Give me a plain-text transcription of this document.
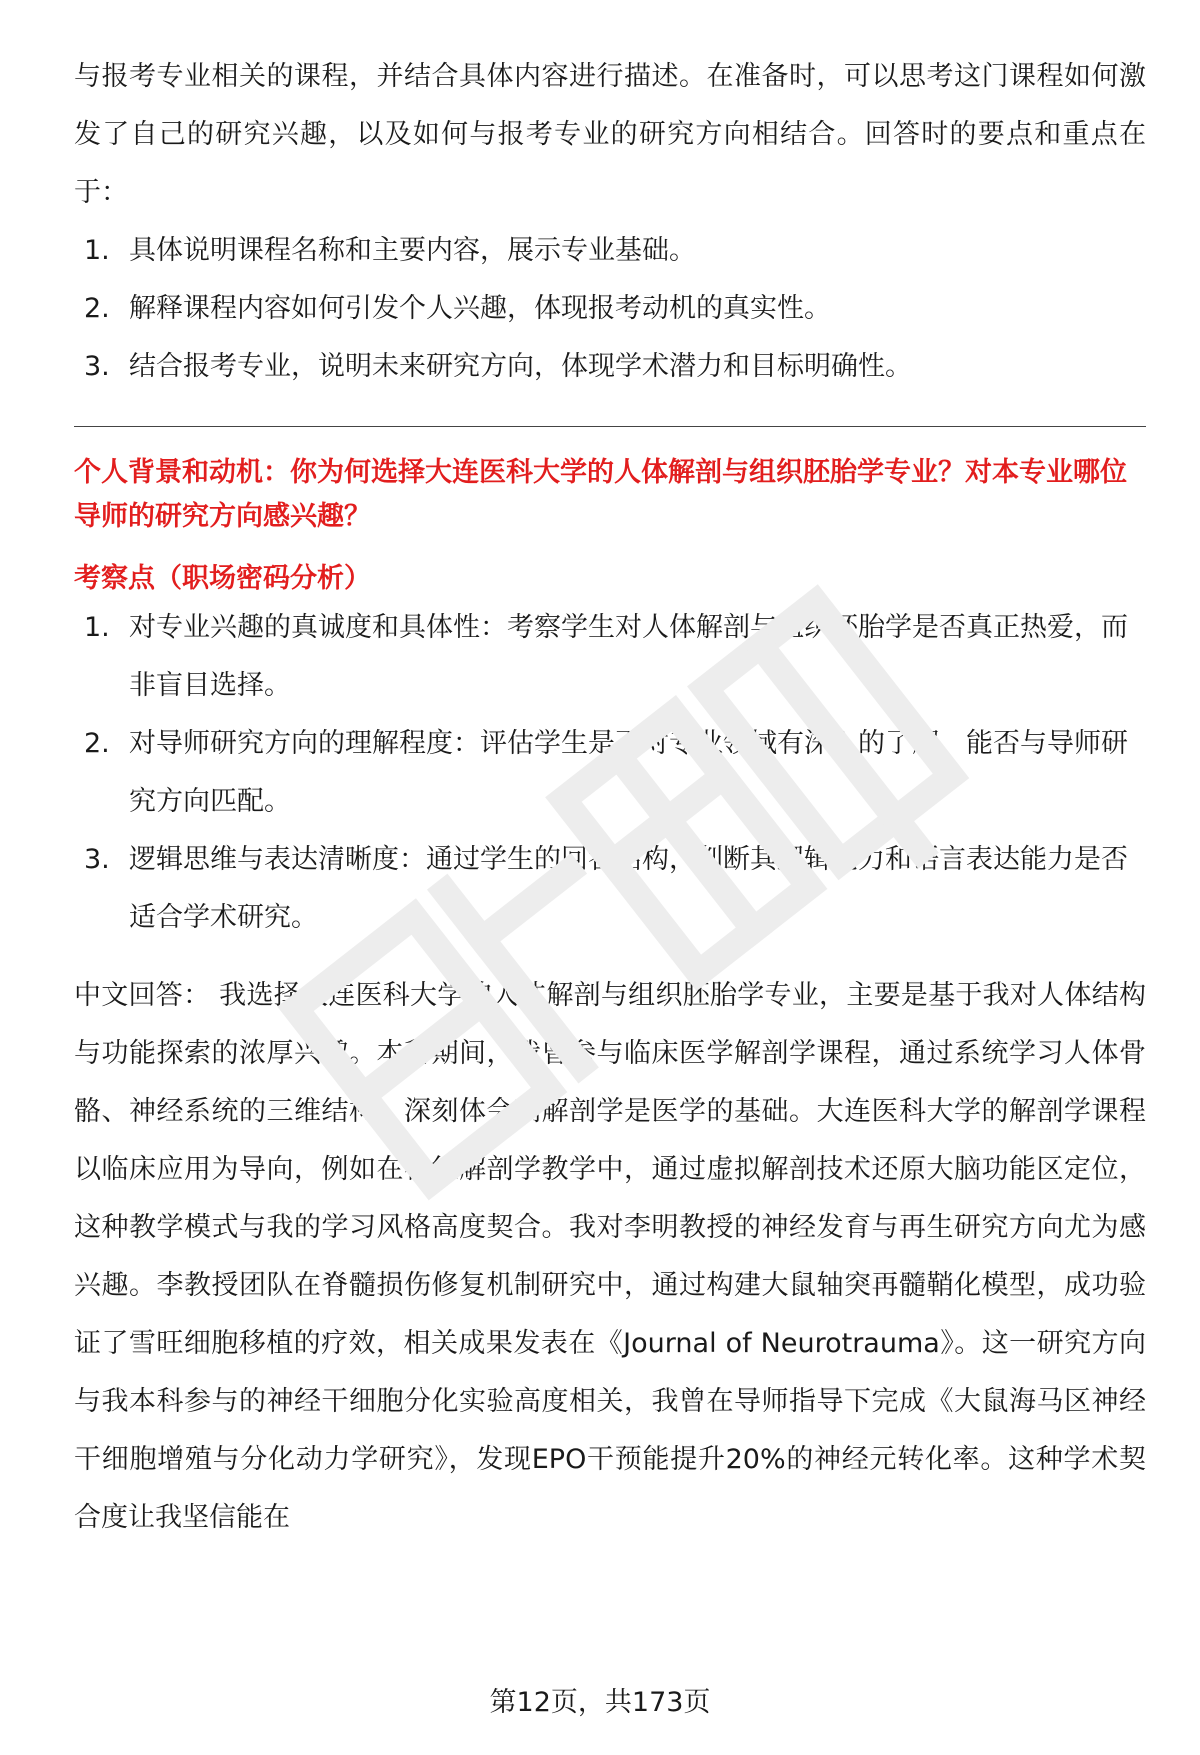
与报考专业相关的课程，并结合具体内容进行描述。在准备时，可以思考这门课程如何激发了自己的研究兴趣，以及如何与报考专业的研究方向相结合。回答时的要点和重点在于：

1. 具体说明课程名称和主要内容，展示专业基础。
2. 解释课程内容如何引发个人兴趣，体现报考动机的真实性。
3. 结合报考专业，说明未来研究方向，体现学术潜力和目标明确性。

个人背景和动机：你为何选择大连医科大学的人体解剖与组织胚胎学专业？对本专业哪位导师的研究方向感兴趣？

考察点（职场密码分析）

1. 对专业兴趣的真诚度和具体性：考察学生对人体解剖与组织胚胎学是否真正热爱，而非盲目选择。
2. 对导师研究方向的理解程度：评估学生是否对专业领域有深入的了解，能否与导师研究方向匹配。
3. 逻辑思维与表达清晰度：通过学生的回答结构，判断其逻辑能力和语言表达能力是否适合学术研究。

中文回答： 我选择大连医科大学的人体解剖与组织胚胎学专业，主要是基于我对人体结构与功能探索的浓厚兴趣。本科期间，我曾参与临床医学解剖学课程，通过系统学习人体骨骼、神经系统的三维结构，深刻体会到解剖学是医学的基础。大连医科大学的解剖学课程以临床应用为导向，例如在神经解剖学教学中，通过虚拟解剖技术还原大脑功能区定位，这种教学模式与我的学习风格高度契合。我对李明教授的神经发育与再生研究方向尤为感兴趣。李教授团队在脊髓损伤修复机制研究中，通过构建大鼠轴突再髓鞘化模型，成功验证了雪旺细胞移植的疗效，相关成果发表在《Journal of Neurotrauma》。这一研究方向与我本科参与的神经干细胞分化实验高度相关，我曾在导师指导下完成《大鼠海马区神经干细胞增殖与分化动力学研究》，发现EPO干预能提升20%的神经元转化率。这种学术契合度让我坚信能在

第12页，共173页
